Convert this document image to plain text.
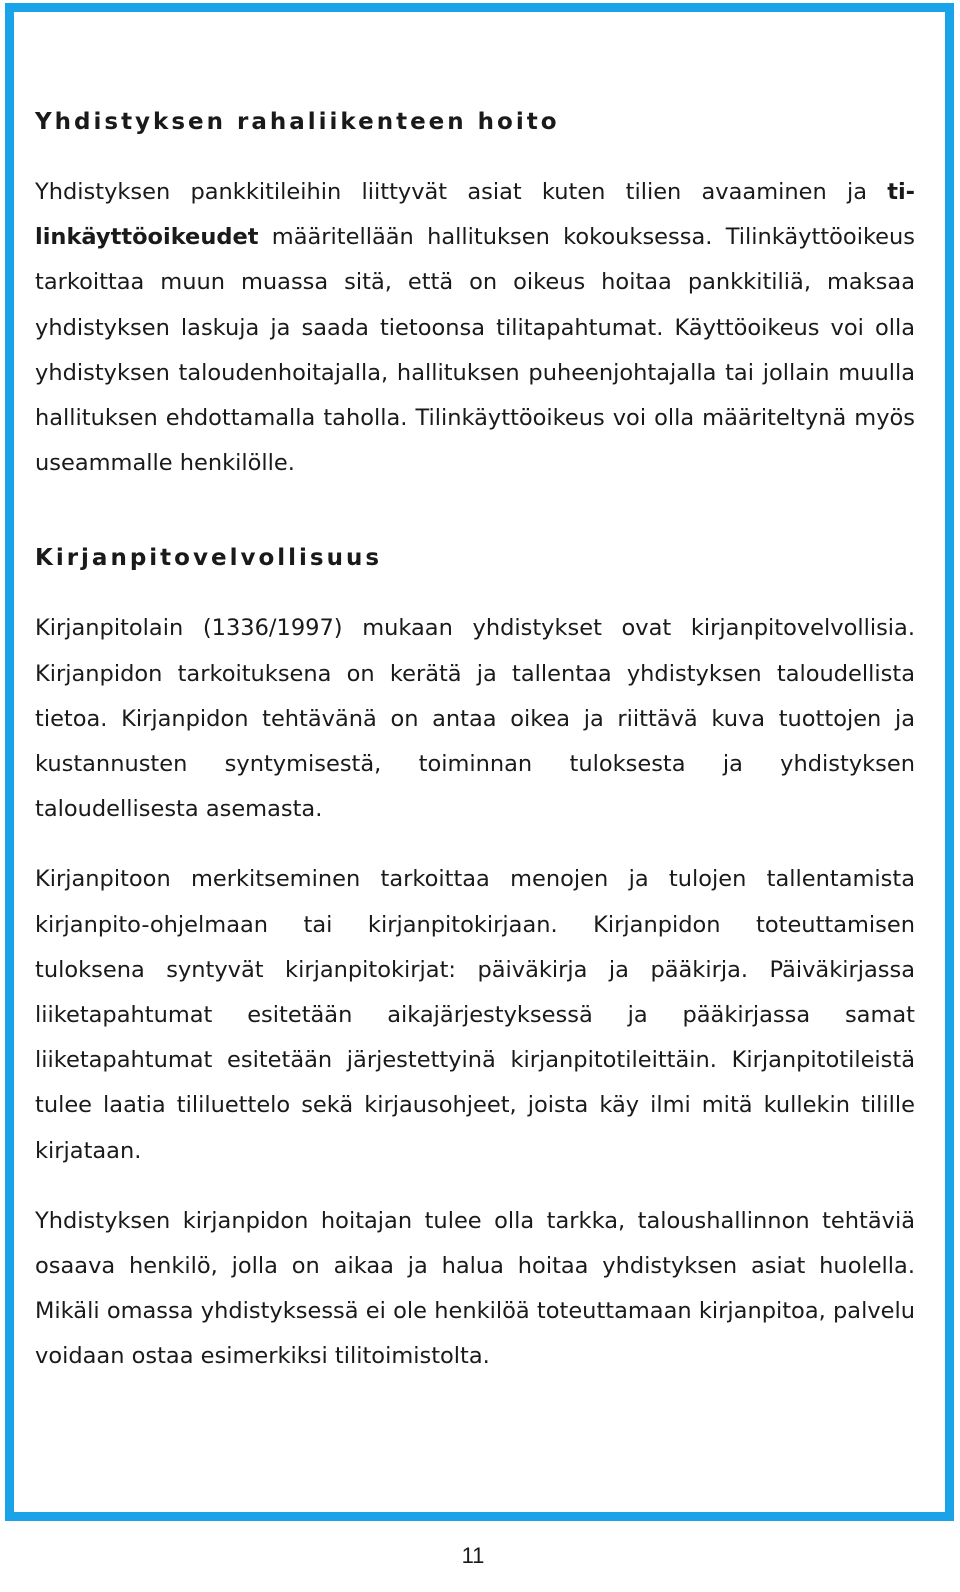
Yhdistyksen rahaliikenteen hoito

Yhdistyksen pankkitileihin liittyvät asiat kuten tilien avaaminen ja tilinkäyttöoikeudet määritellään hallituksen kokouksessa. Tilinkäyttöoikeus tarkoittaa muun muassa sitä, että on oikeus hoitaa pankkitiliä, maksaa yhdistyksen laskuja ja saada tietoonsa tilitapahtumat. Käyttöoikeus voi olla yhdistyksen taloudenhoitajalla, hallituksen puheenjohtajalla tai jollain muulla hallituksen ehdottamalla taholla. Tilinkäyttöoikeus voi olla määriteltynä myös useammalle henkilölle.

Kirjanpitovelvollisuus

Kirjanpitolain (1336/1997) mukaan yhdistykset ovat kirjanpitovelvollisia. Kirjanpidon tarkoituksena on kerätä ja tallentaa yhdistyksen taloudellista tietoa. Kirjanpidon tehtävänä on antaa oikea ja riittävä kuva tuottojen ja kustannusten syntymisestä, toiminnan tuloksesta ja yhdistyksen taloudellisesta asemasta.

Kirjanpitoon merkitseminen tarkoittaa menojen ja tulojen tallentamista kirjanpito-ohjelmaan tai kirjanpitokirjaan. Kirjanpidon toteuttamisen tuloksena syntyvät kirjanpitokirjat: päiväkirja ja pääkirja. Päiväkirjassa liiketapahtumat esitetään aikajärjestyksessä ja pääkirjassa samat liiketapahtumat esitetään järjestettyinä kirjanpitotileittäin. Kirjanpitotileistä tulee laatia tililuettelo sekä kirjausohjeet, joista käy ilmi mitä kullekin tilille kirjataan.

Yhdistyksen kirjanpidon hoitajan tulee olla tarkka, taloushallinnon tehtäviä osaava henkilö, jolla on aikaa ja halua hoitaa yhdistyksen asiat huolella. Mikäli omassa yhdistyksessä ei ole henkilöä toteuttamaan kirjanpitoa, palvelu voidaan ostaa esimerkiksi tilitoimistolta.

11
